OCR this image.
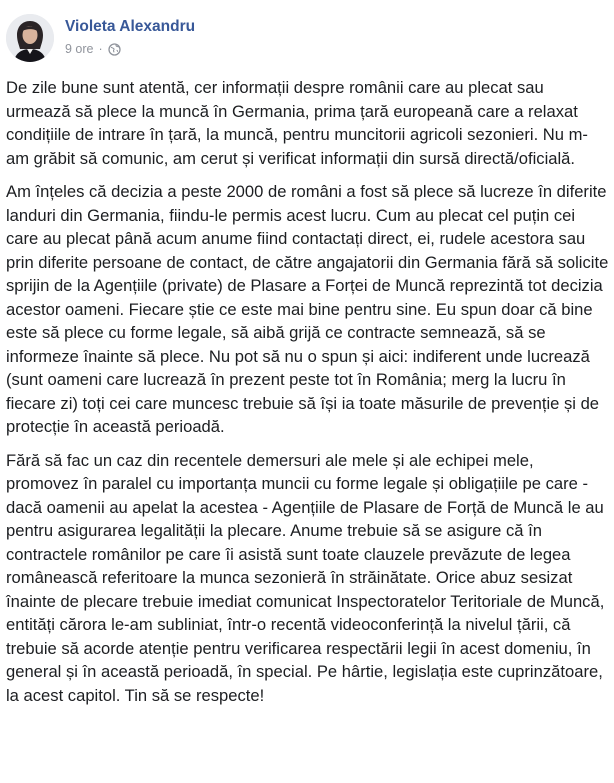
Violeta Alexandru
9 ore ·

De zile bune sunt atentă, cer informații despre românii care au plecat sau urmează să plece la muncă în Germania, prima țară europeană care a relaxat condițiile de intrare în țară, la muncă, pentru muncitorii agricoli sezonieri. Nu m-am grăbit să comunic, am cerut și verificat informații din sursă directă/oficială.

Am înțeles că decizia a peste 2000 de români a fost să plece să lucreze în diferite landuri din Germania, fiindu-le permis acest lucru. Cum au plecat cel puțin cei care au plecat până acum anume fiind contactați direct, ei, rudele acestora sau prin diferite persoane de contact, de către angajatorii din Germania fără să solicite sprijin de la Agențiile (private) de Plasare a Forței de Muncă reprezintă tot decizia acestor oameni. Fiecare știe ce este mai bine pentru sine. Eu spun doar că bine este să plece cu forme legale, să aibă grijă ce contracte semnează, să se informeze înainte să plece. Nu pot să nu o spun și aici: indiferent unde lucrează (sunt oameni care lucrează în prezent peste tot în România; merg la lucru în fiecare zi) toți cei care muncesc trebuie să își ia toate măsurile de prevenție și de protecție în această perioadă.

Fără să fac un caz din recentele demersuri ale mele și ale echipei mele, promovez în paralel cu importanța muncii cu forme legale și obligațiile pe care - dacă oamenii au apelat la acestea - Agențiile de Plasare de Forță de Muncă le au pentru asigurarea legalității la plecare. Anume trebuie să se asigure că în contractele românilor pe care îi asistă sunt toate clauzele prevăzute de legea românească referitoare la munca sezonieră în străinătate. Orice abuz sesizat înainte de plecare trebuie imediat comunicat Inspectoratelor Teritoriale de Muncă, entități cărora le-am subliniat, într-o recentă videoconferință la nivelul țării, că trebuie să acorde atenție pentru verificarea respectării legii în acest domeniu, în general și în această perioadă, în special. Pe hârtie, legislația este cuprinzătoare, la acest capitol. Tin să se respecte!
